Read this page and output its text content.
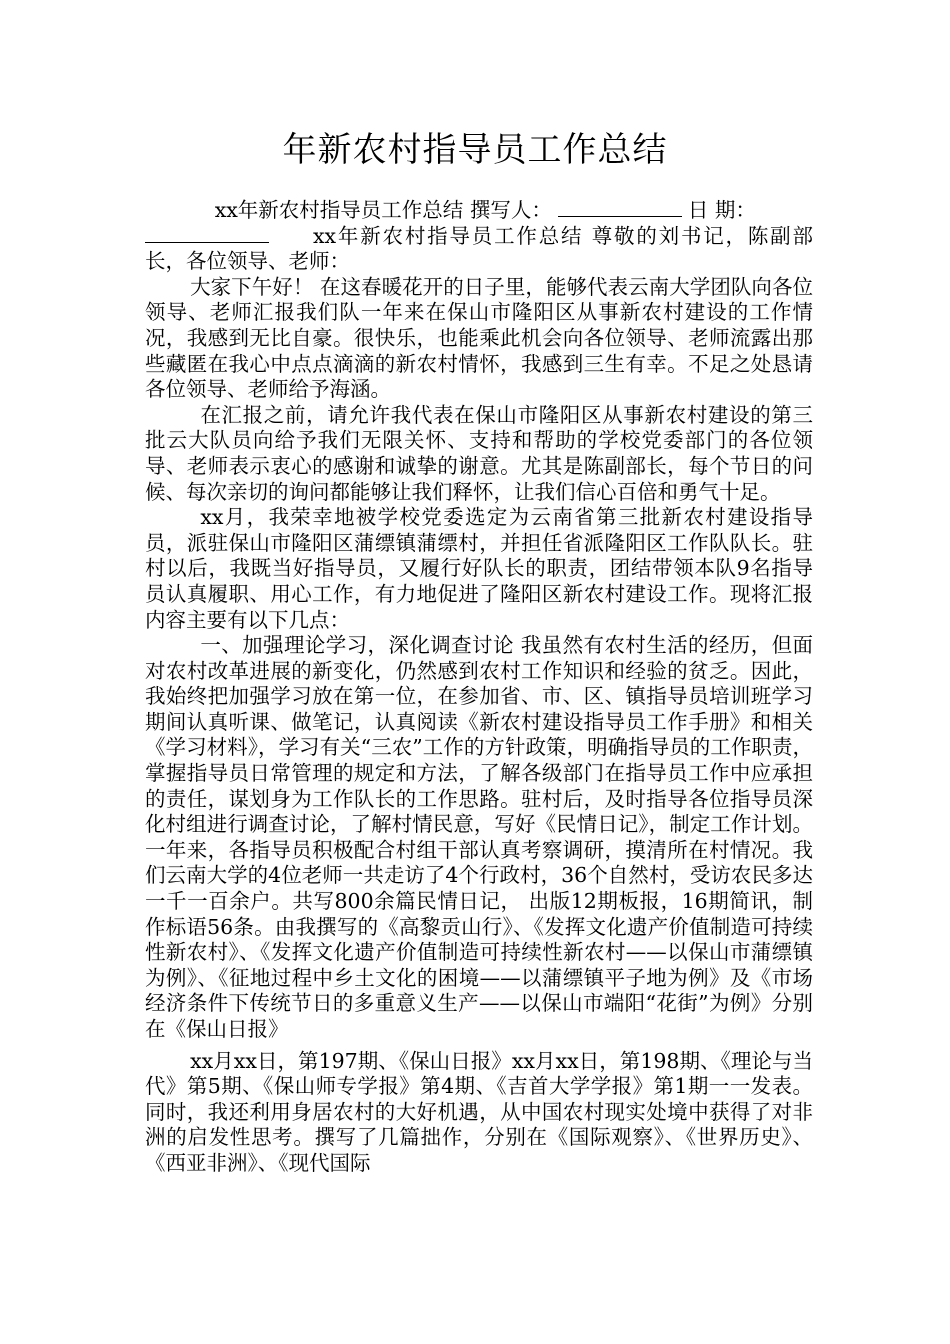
年新农村指导员工作总结

xx年新农村指导员工作总结 撰写人：	日 期：

xx年新农村指导员工作总结 尊敬的刘书记，陈副部长，各位领导、老师：

大家下午好！ 在这春暖花开的日子里，能够代表云南大学团队向各位领导、老师汇报我们队一年来在保山市隆阳区从事新农村建设的工作情况，我感到无比自豪。很快乐，也能乘此机会向各位领导、老师流露出那些藏匿在我心中点点滴滴的新农村情怀，我感到三生有幸。不足之处恳请各位领导、老师给予海涵。

在汇报之前，请允许我代表在保山市隆阳区从事新农村建设的第三批云大队员向给予我们无限关怀、支持和帮助的学校党委部门的各位领导、老师表示衷心的感谢和诚挚的谢意。尤其是陈副部长，每个节日的问候、每次亲切的询问都能够让我们释怀，让我们信心百倍和勇气十足。

xx月，我荣幸地被学校党委选定为云南省第三批新农村建设指导员，派驻保山市隆阳区蒲缥镇蒲缥村，并担任省派隆阳区工作队队长。驻村以后，我既当好指导员，又履行好队长的职责，团结带领本队9名指导员认真履职、用心工作，有力地促进了隆阳区新农村建设工作。现将汇报内容主要有以下几点：

一、加强理论学习，深化调查讨论 我虽然有农村生活的经历，但面对农村改革进展的新变化，仍然感到农村工作知识和经验的贫乏。因此，我始终把加强学习放在第一位，在参加省、市、区、镇指导员培训班学习期间认真听课、做笔记，认真阅读《新农村建设指导员工作手册》和相关《学习材料》，学习有关“三农”工作的方针政策，明确指导员的工作职责，掌握指导员日常管理的规定和方法，了解各级部门在指导员工作中应承担的责任，谋划身为工作队长的工作思路。驻村后，及时指导各位指导员深化村组进行调查讨论，了解村情民意，写好《民情日记》，制定工作计划。一年来，各指导员积极配合村组干部认真考察调研，摸清所在村情况。我们云南大学的4位老师一共走访了4个行政村，36个自然村，受访农民多达一千一百余户。共写800余篇民情日记， 出版12期板报，16期简讯，制作标语56条。由我撰写的《高黎贡山行》、《发挥文化遗产价值制造可持续性新农村》、《发挥文化遗产价值制造可持续性新农村——以保山市蒲缥镇为例》、《征地过程中乡土文化的困境——以蒲缥镇平子地为例》及《市场经济条件下传统节日的多重意义生产——以保山市端阳“花街”为例》分别在《保山日报》

xx月xx日，第197期、《保山日报》xx月xx日，第198期、《理论与当代》第5期、《保山师专学报》第4期、《吉首大学学报》第1期一一发表。同时，我还利用身居农村的大好机遇，从中国农村现实处境中获得了对非洲的启发性思考。撰写了几篇拙作，分别在《国际观察》、《世界历史》、《西亚非洲》、《现代国际
